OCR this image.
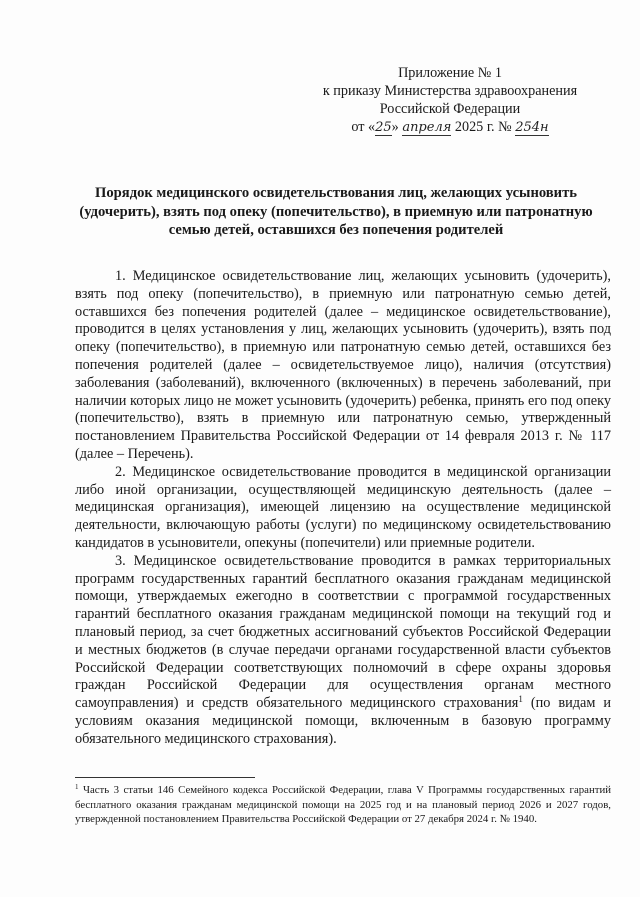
Приложение № 1
к приказу Министерства здравоохранения
Российской Федерации
от «25» апреля 2025 г. № 254н
Порядок медицинского освидетельствования лиц, желающих усыновить (удочерить), взять под опеку (попечительство), в приемную или патронатную семью детей, оставшихся без попечения родителей

1. Медицинское освидетельствование лиц, желающих усыновить (удочерить), взять под опеку (попечительство), в приемную или патронатную семью детей, оставшихся без попечения родителей (далее – медицинское освидетельствование), проводится в целях установления у лиц, желающих усыновить (удочерить), взять под опеку (попечительство), в приемную или патронатную семью детей, оставшихся без попечения родителей (далее – освидетельствуемое лицо), наличия (отсутствия) заболевания (заболеваний), включенного (включенных) в перечень заболеваний, при наличии которых лицо не может усыновить (удочерить) ребенка, принять его под опеку (попечительство), взять в приемную или патронатную семью, утвержденный постановлением Правительства Российской Федерации от 14 февраля 2013 г. № 117 (далее – Перечень).

2. Медицинское освидетельствование проводится в медицинской организации либо иной организации, осуществляющей медицинскую деятельность (далее – медицинская организация), имеющей лицензию на осуществление медицинской деятельности, включающую работы (услуги) по медицинскому освидетельствованию кандидатов в усыновители, опекуны (попечители) или приемные родители.

3. Медицинское освидетельствование проводится в рамках территориальных программ государственных гарантий бесплатного оказания гражданам медицинской помощи, утверждаемых ежегодно в соответствии с программой государственных гарантий бесплатного оказания гражданам медицинской помощи на текущий год и плановый период, за счет бюджетных ассигнований субъектов Российской Федерации и местных бюджетов (в случае передачи органами государственной власти субъектов Российской Федерации соответствующих полномочий в сфере охраны здоровья граждан Российской Федерации для осуществления органам местного самоуправления) и средств обязательного медицинского страхования$^1$ (по видам и условиям оказания медицинской помощи, включенным в базовую программу обязательного медицинского страхования).

$^1$ Часть 3 статьи 146 Семейного кодекса Российской Федерации, глава V Программы государственных гарантий бесплатного оказания гражданам медицинской помощи на 2025 год и на плановый период 2026 и 2027 годов, утвержденной постановлением Правительства Российской Федерации от 27 декабря 2024 г. № 1940.
